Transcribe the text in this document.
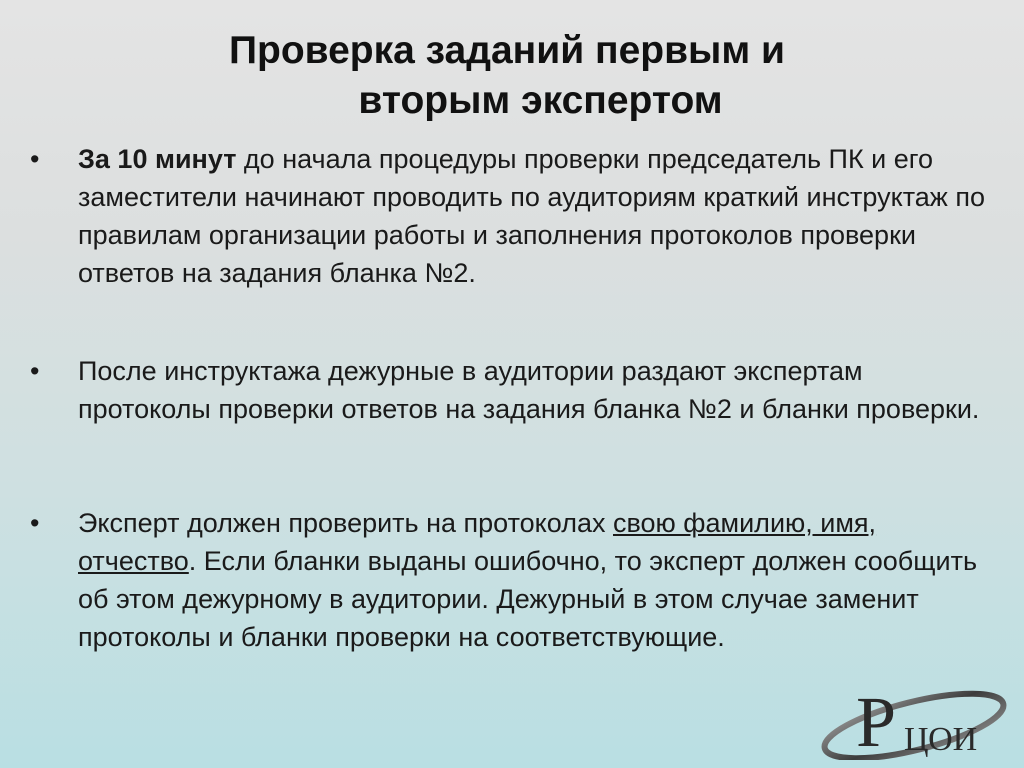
Проверка заданий первым и
вторым экспертом
•	За 10 минут до начала процедуры проверки председатель ПК и его заместители начинают проводить по аудиториям краткий инструктаж по правилам организации работы и заполнения протоколов проверки ответов на задания бланка №2.
•	После инструктажа дежурные в аудитории раздают экспертам протоколы проверки ответов на задания бланка №2 и бланки проверки.
•	Эксперт должен проверить на протоколах свою фамилию, имя, отчество. Если бланки выданы ошибочно, то эксперт должен сообщить об этом дежурному в аудитории. Дежурный в этом случае заменит протоколы и бланки проверки на соответствующие.
Р ЦОИ
